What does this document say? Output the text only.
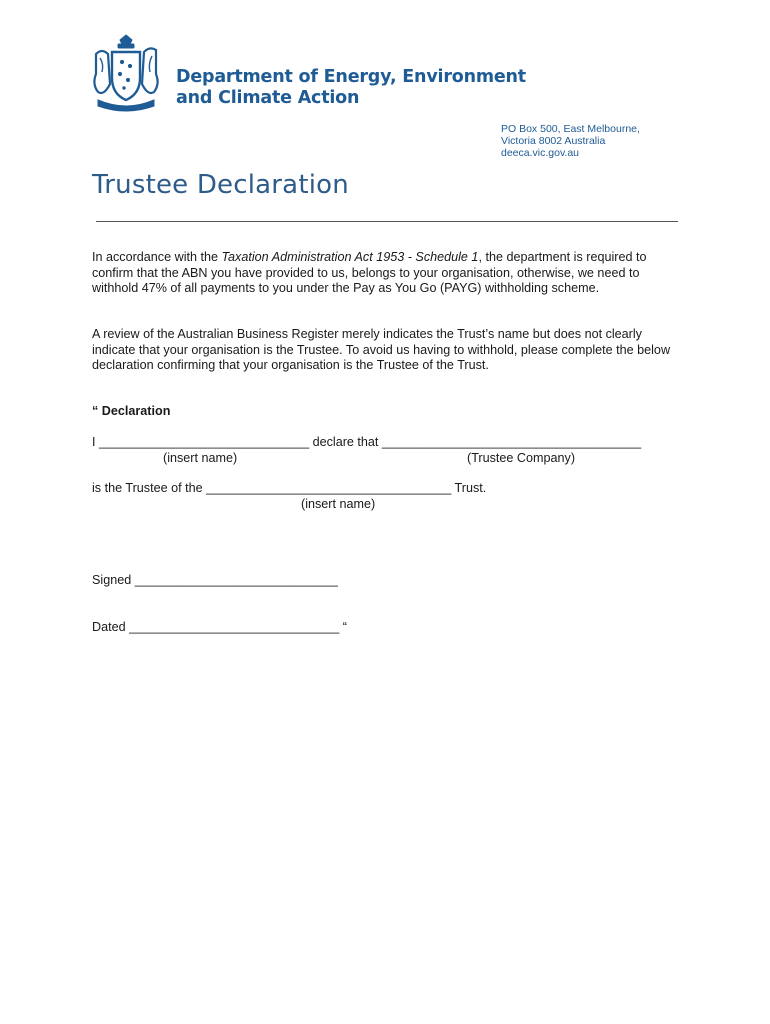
Department of Energy, Environment
and Climate Action
PO Box 500, East Melbourne,
Victoria 8002 Australia
deeca.vic.gov.au
Trustee Declaration
In accordance with the Taxation Administration Act 1953 - Schedule 1, the department is required to confirm that the ABN you have provided to us, belongs to your organisation, otherwise, we need to withhold 47% of all payments to you under the Pay as You Go (PAYG) withholding scheme.
A review of the Australian Business Register merely indicates the Trust’s name but does not clearly indicate that your organisation is the Trustee. To avoid us having to withhold, please complete the below declaration confirming that your organisation is the Trustee of the Trust.
“ Declaration
I ______________________________ declare that _____________________________________
(insert name)	(Trustee Company)
is the Trustee of the ___________________________________ Trust.
(insert name)
Signed _____________________________
Dated ______________________________ “
